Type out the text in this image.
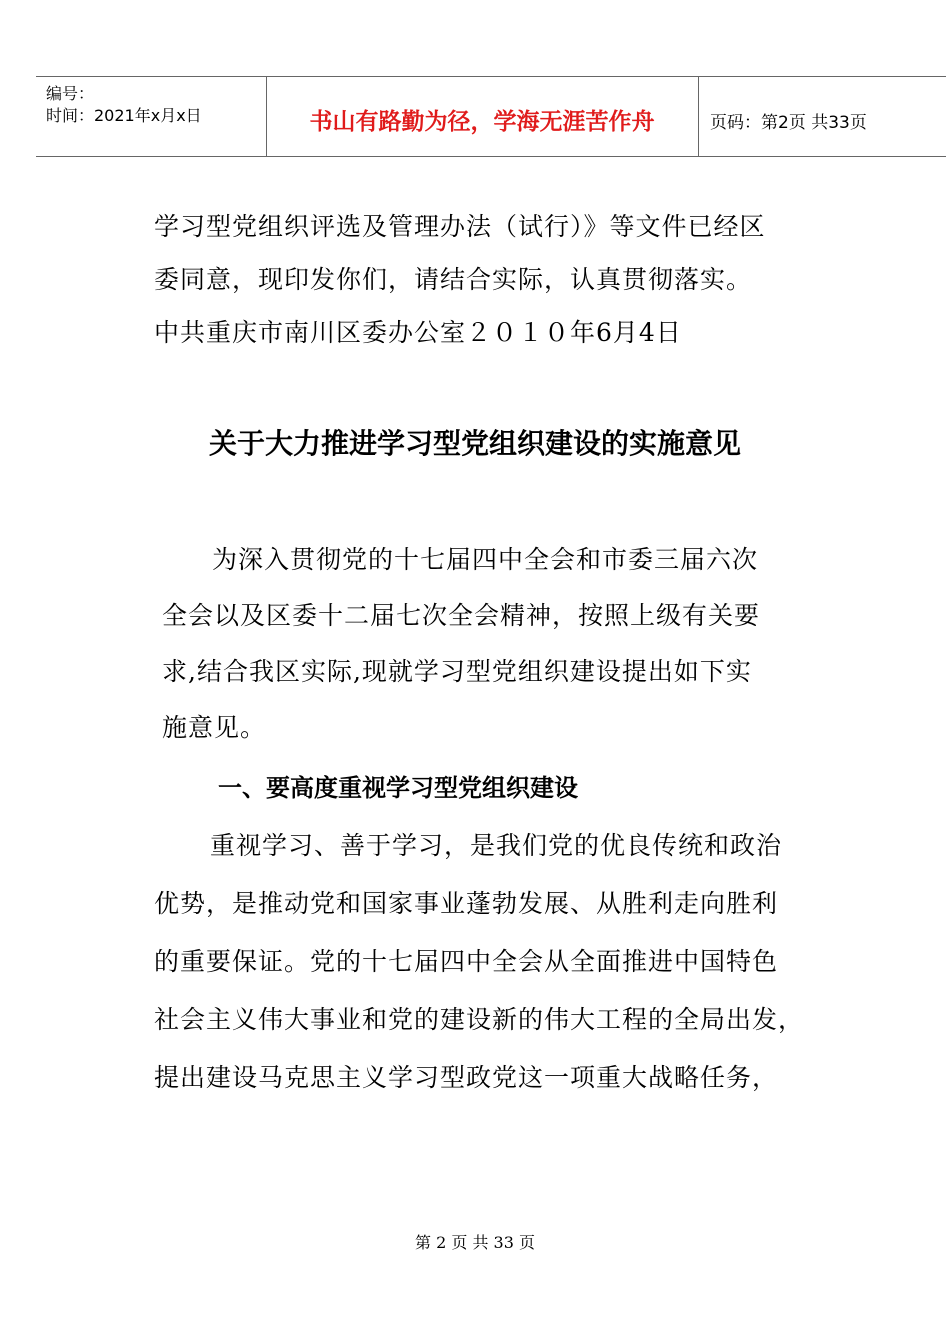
编号：
时间：2021年x月x日	书山有路勤为径，学海无涯苦作舟	页码：第2页 共33页
学习型党组织评选及管理办法（试行）》等文件已经区
委同意，现印发你们，请结合实际，认真贯彻落实。
中共重庆市南川区委办公室２０１０年6月4日
关于大力推进学习型党组织建设的实施意见
为深入贯彻党的十七届四中全会和市委三届六次
全会以及区委十二届七次全会精神，按照上级有关要
求,结合我区实际,现就学习型党组织建设提出如下实
施意见。
一、要高度重视学习型党组织建设
重视学习、善于学习，是我们党的优良传统和政治
优势，是推动党和国家事业蓬勃发展、从胜利走向胜利
的重要保证。党的十七届四中全会从全面推进中国特色
社会主义伟大事业和党的建设新的伟大工程的全局出发，
提出建设马克思主义学习型政党这一项重大战略任务，
第 2 页 共 33 页
